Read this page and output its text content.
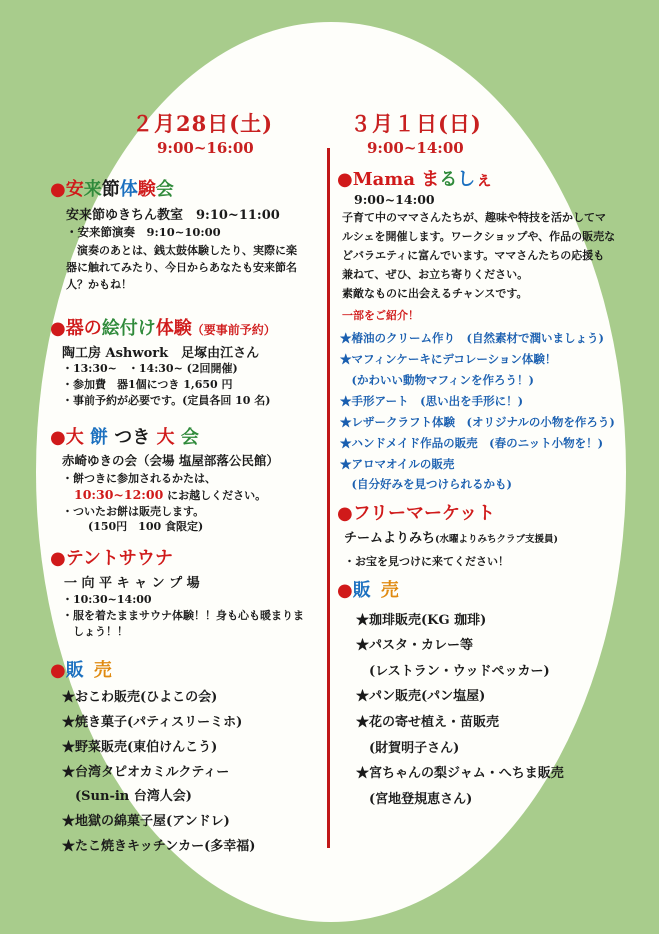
２月28日(土)
9:00~16:00
３月１日(日)
9:00~14:00
●安来節体験会
安来節ゆきちん教室　9:10~11:00
・安来節演奏　9:10~10:00
　演奏のあとは、銭太鼓体験したり、実際に楽
器に触れてみたり、今日からあなたも安来節名
人？かもね！
●器の絵付け体験（要事前予約）
陶工房 Ashwork　足塚由江さん
・13:30~　・14:30~ (2回開催)
・参加費　器1個につき 1,650 円
・事前予約が必要です。(定員各回 10 名)
●大 餅 つき 大 会
赤崎ゆきの会（会場 塩屋部落公民館）
・餅つきに参加されるかたは、
10:30~12:00 にお越しください。
・ついたお餅は販売します。
(150円　100 食限定)
●テントサウナ
一 向 平 キ ャ ン プ 場
・10:30~14:00
・服を着たままサウナ体験！！身も心も暖まりま
　しょう！！
●販 売
★おこわ販売(ひよこの会)
★焼き菓子(パティスリーミホ)
★野菜販売(東伯けんこう)
★台湾タピオカミルクティー
　(Sun-in 台湾人会)
★地獄の綿菓子屋(アンドレ)
★たこ焼きキッチンカー(多幸福)
●Mama まるしぇ
9:00~14:00
子育て中のママさんたちが、趣味や特技を活かしてマ
ルシェを開催します。ワークショップや、作品の販売な
どバラエティに富んでいます。ママさんたちの応援も
兼ねて、ぜひ、お立ち寄りください。
素敵なものに出会えるチャンスです。
一部をご紹介！
★椿油のクリーム作り　(自然素材で潤いましょう)
★マフィンケーキにデコレーション体験！
　(かわいい動物マフィンを作ろう！)
★手形アート　(思い出を手形に！)
★レザークラフト体験　(オリジナルの小物を作ろう)
★ハンドメイド作品の販売　(春のニット小物を！)
★アロマオイルの販売
　(自分好みを見つけられるかも)
●フリーマーケット
チームよりみち(水曜よりみちクラブ支援員)
・お宝を見つけに来てください！
●販 売
★珈琲販売(KG 珈琲)
★パスタ・カレー等
　(レストラン・ウッドペッカー)
★パン販売(パン塩屋)
★花の寄せ植え・苗販売
　(財賀明子さん)
★宮ちゃんの梨ジャム・へちま販売
　(宮地登規恵さん)
